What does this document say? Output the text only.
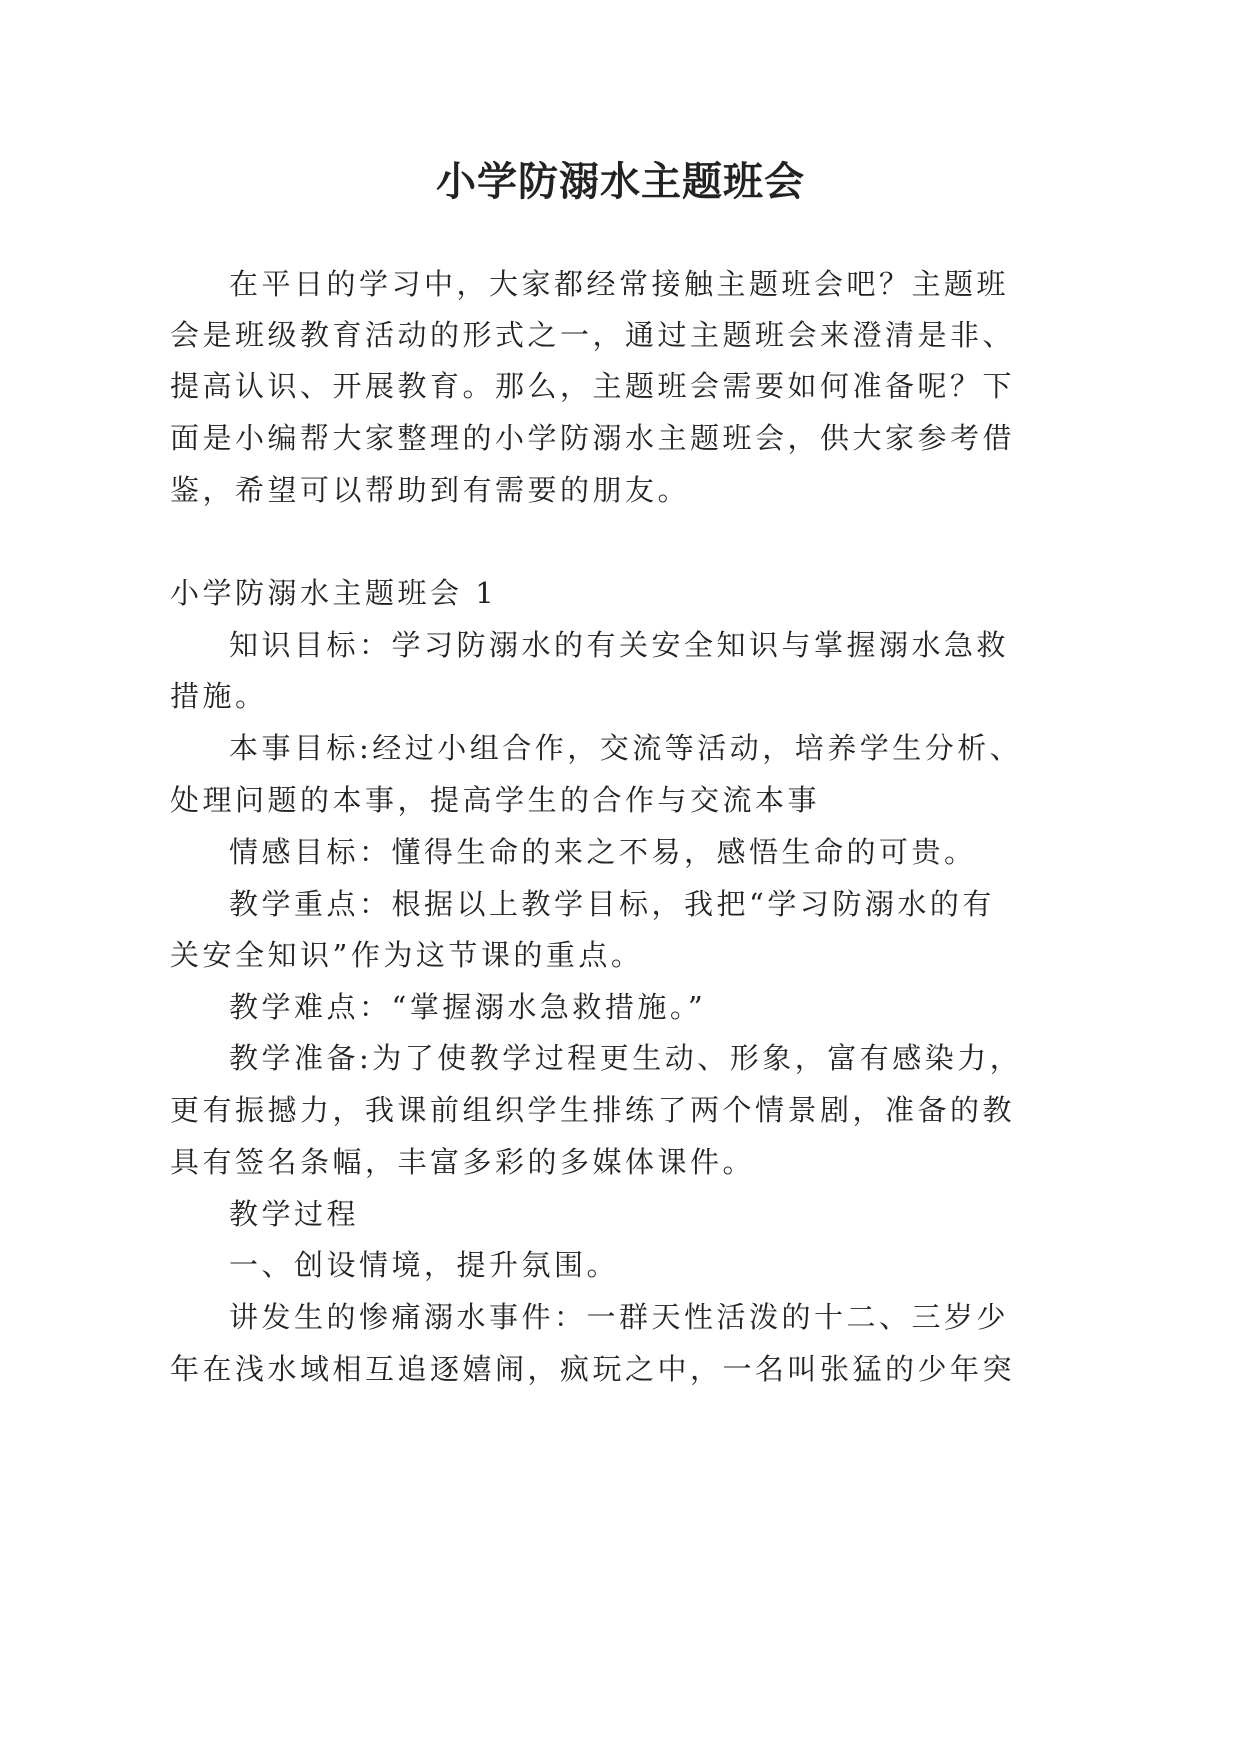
小学防溺水主题班会
在平日的学习中，大家都经常接触主题班会吧？主题班
会是班级教育活动的形式之一，通过主题班会来澄清是非、
提高认识、开展教育。那么，主题班会需要如何准备呢？下
面是小编帮大家整理的小学防溺水主题班会，供大家参考借
鉴，希望可以帮助到有需要的朋友。
小学防溺水主题班会 1
知识目标：学习防溺水的有关安全知识与掌握溺水急救
措施。
本事目标:经过小组合作，交流等活动，培养学生分析、
处理问题的本事，提高学生的合作与交流本事
情感目标：懂得生命的来之不易，感悟生命的可贵。
教学重点：根据以上教学目标，我把“学习防溺水的有
关安全知识”作为这节课的重点。
教学难点：“掌握溺水急救措施。”
教学准备:为了使教学过程更生动、形象，富有感染力，
更有振撼力，我课前组织学生排练了两个情景剧，准备的教
具有签名条幅，丰富多彩的多媒体课件。
教学过程
一、创设情境，提升氛围。
讲发生的惨痛溺水事件：一群天性活泼的十二、三岁少
年在浅水域相互追逐嬉闹，疯玩之中，一名叫张猛的少年突
